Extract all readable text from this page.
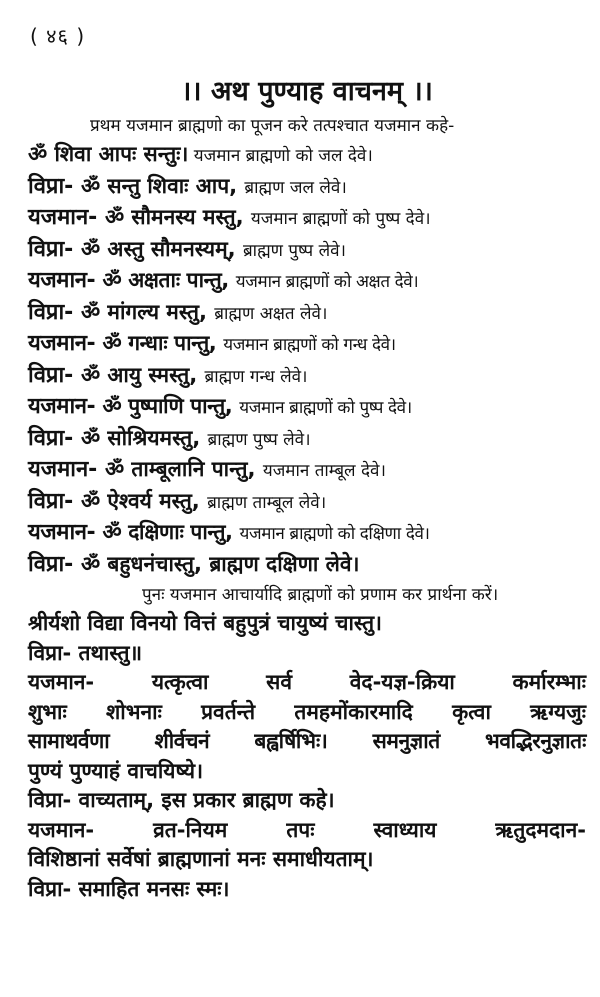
( ४६ )
।। अथ पुण्याह वाचनम् ।।
प्रथम यजमान ब्राह्मणो का पूजन करे तत्पश्चात यजमान कहे-
ॐ शिवा आपः सन्तुः। यजमान ब्राह्मणो को जल देवे।
विप्रा- ॐ सन्तु शिवाः आप, ब्राह्मण जल लेवे।
यजमान- ॐ सौमनस्य मस्तु, यजमान ब्राह्मणों को पुष्प देवे।
विप्रा- ॐ अस्तु सौमनस्यम्, ब्राह्मण पुष्प लेवे।
यजमान- ॐ अक्षताः पान्तु, यजमान ब्राह्मणों को अक्षत देवे।
विप्रा- ॐ मांगल्य मस्तु, ब्राह्मण अक्षत लेवे।
यजमान- ॐ गन्धाः पान्तु, यजमान ब्राह्मणों को गन्ध देवे।
विप्रा- ॐ आयु स्मस्तु, ब्राह्मण गन्ध लेवे।
यजमान- ॐ पुष्पाणि पान्तु, यजमान ब्राह्मणों को पुष्प देवे।
विप्रा- ॐ सोश्रियमस्तु, ब्राह्मण पुष्प लेवे।
यजमान- ॐ ताम्बूलानि पान्तु, यजमान ताम्बूल देवे।
विप्रा- ॐ ऐश्वर्य मस्तु, ब्राह्मण ताम्बूल लेवे।
यजमान- ॐ दक्षिणाः पान्तु, यजमान ब्राह्मणो को दक्षिणा देवे।
विप्रा- ॐ बहुधनंचास्तु, ब्राह्मण दक्षिणा लेवे।
पुनः यजमान आचार्यादि ब्राह्मणों को प्रणाम कर प्रार्थना करें।
श्रीर्यशो विद्या विनयो वित्तं बहुपुत्रं चायुष्यं चास्तु।
विप्रा- तथास्तु॥
यजमान- यत्कृत्वा सर्व वेद-यज्ञ-क्रिया कर्मारम्भाः
शुभाः शोभनाः प्रवर्तन्ते तमहमोंकारमादि कृत्वा ऋग्यजुः
सामाथर्वणा शीर्वचनं बह्वर्षिभिः। समनुज्ञातं भवद्भिरनुज्ञातः
पुण्यं पुण्याहं वाचयिष्ये।
विप्रा- वाच्यताम्, इस प्रकार ब्राह्मण कहे।
यजमान- व्रत-नियम तपः स्वाध्याय ऋतुदमदान-
विशिष्ठानां सर्वेषां ब्राह्मणानां मनः समाधीयताम्।
विप्रा- समाहित मनसः स्मः।
